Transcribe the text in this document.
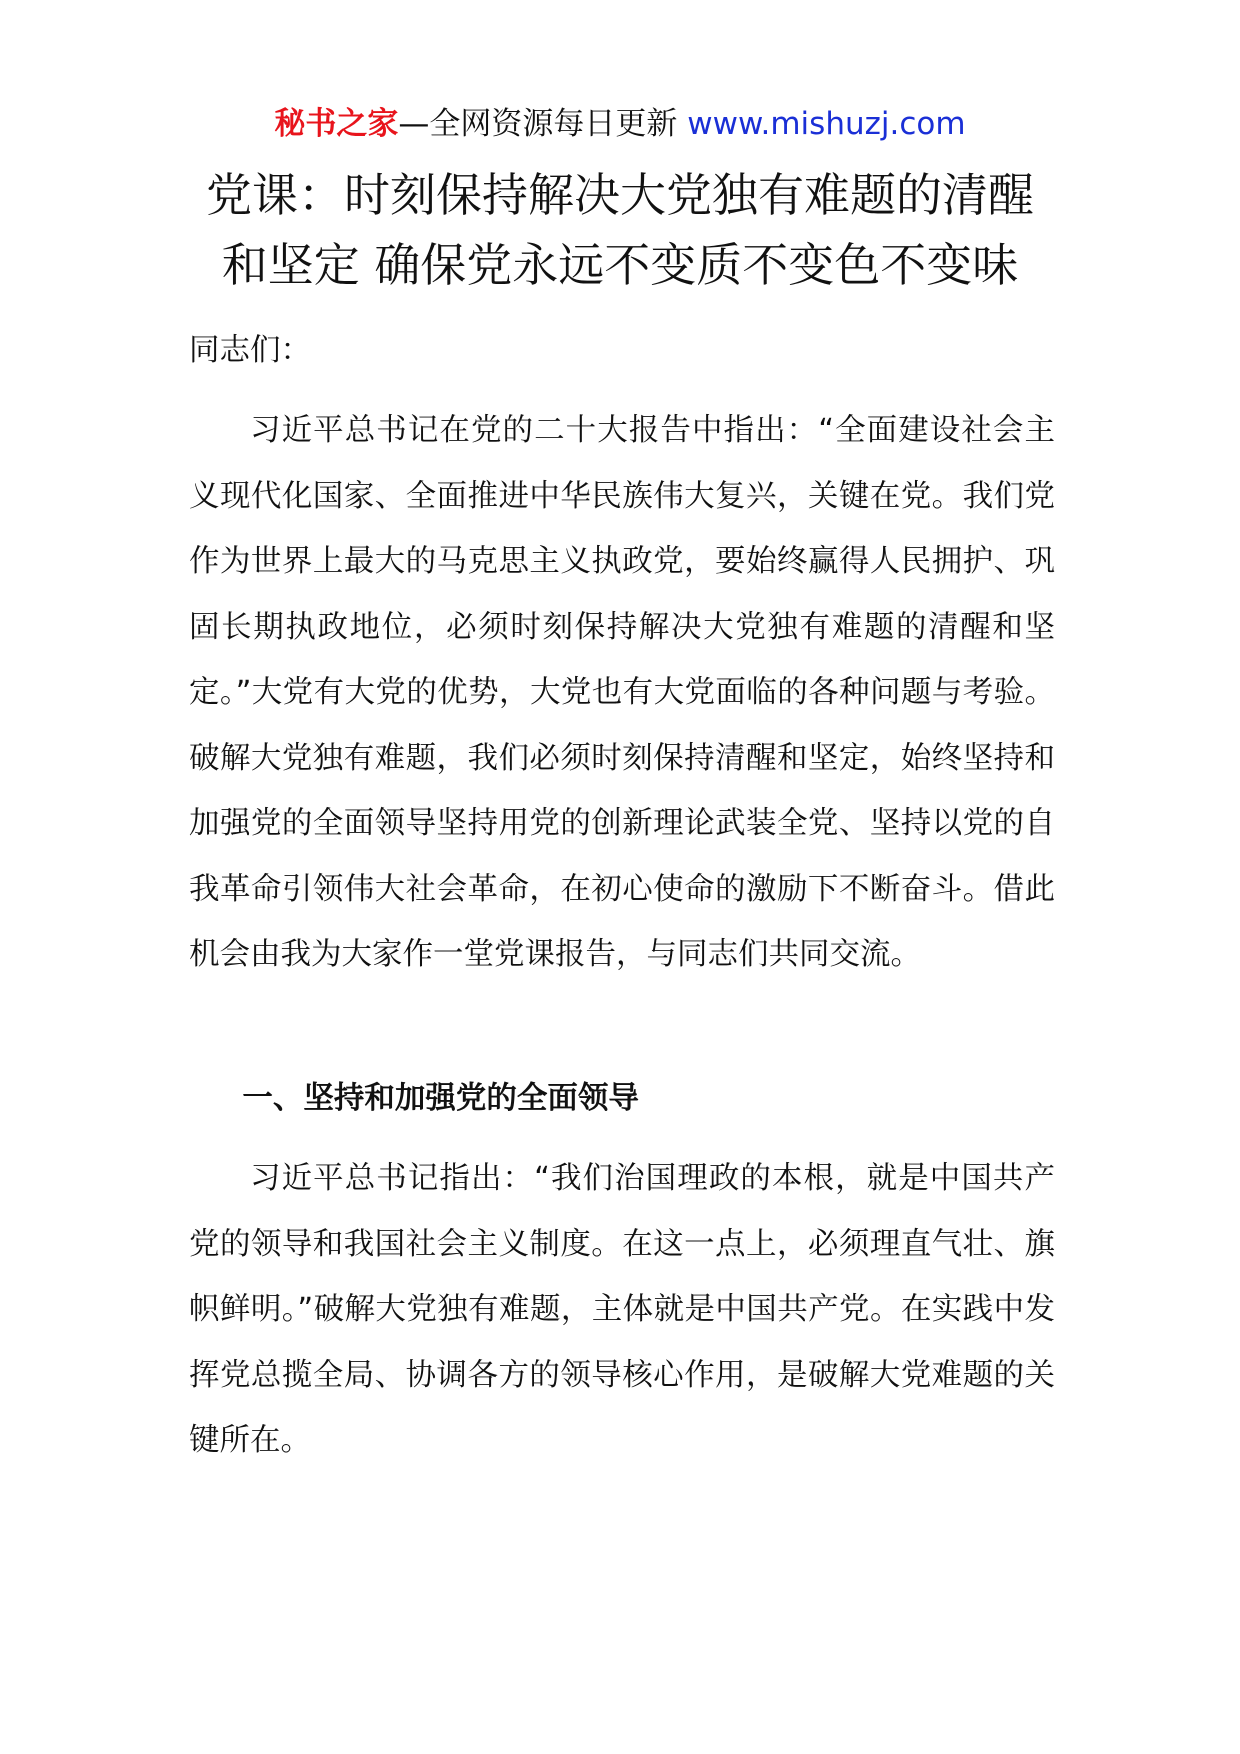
秘书之家—全网资源每日更新 www.mishuzj.com
党课：时刻保持解决大党独有难题的清醒
和坚定 确保党永远不变质不变色不变味
同志们：
习近平总书记在党的二十大报告中指出：“全面建设社会主义现代化国家、全面推进中华民族伟大复兴，关键在党。我们党作为世界上最大的马克思主义执政党，要始终赢得人民拥护、巩固长期执政地位，必须时刻保持解决大党独有难题的清醒和坚定。”大党有大党的优势，大党也有大党面临的各种问题与考验。破解大党独有难题，我们必须时刻保持清醒和坚定，始终坚持和加强党的全面领导坚持用党的创新理论武装全党、坚持以党的自我革命引领伟大社会革命，在初心使命的激励下不断奋斗。借此机会由我为大家作一堂党课报告，与同志们共同交流。
一、坚持和加强党的全面领导
习近平总书记指出：“我们治国理政的本根，就是中国共产党的领导和我国社会主义制度。在这一点上，必须理直气壮、旗帜鲜明。”破解大党独有难题，主体就是中国共产党。在实践中发挥党总揽全局、协调各方的领导核心作用，是破解大党难题的关键所在。
